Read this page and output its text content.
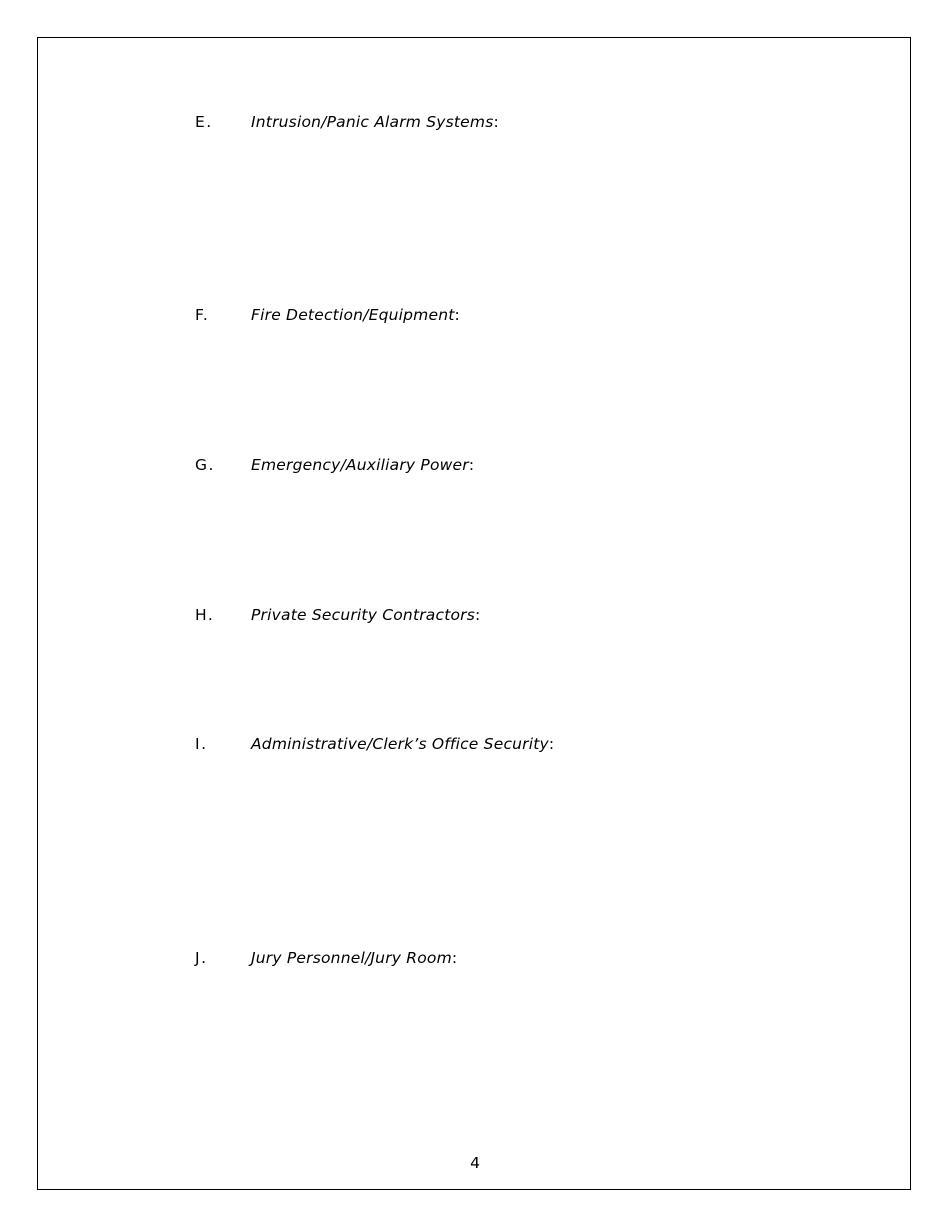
E. Intrusion/Panic Alarm Systems:
F.	Fire Detection/Equipment:
G. Emergency/Auxiliary Power:
H. Private Security Contractors:
I.	Administrative/Clerk’s Office Security:
J.	Jury Personnel/Jury Room:
4
